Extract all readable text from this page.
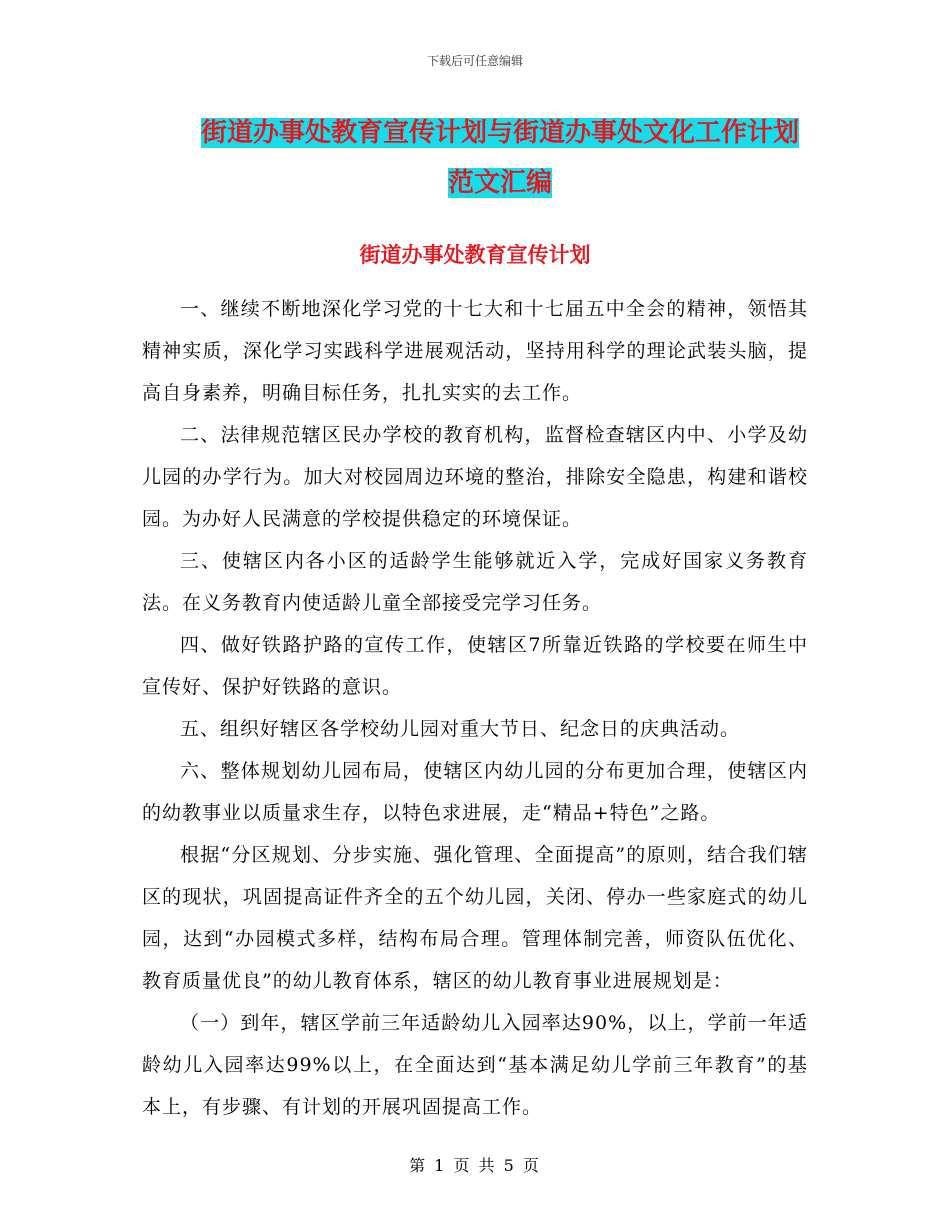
下载后可任意编辑
街道办事处教育宣传计划与街道办事处文化工作计划
范文汇编
街道办事处教育宣传计划

一、继续不断地深化学习党的十七大和十七届五中全会的精神，领悟其精神实质，深化学习实践科学进展观活动，坚持用科学的理论武装头脑，提高自身素养，明确目标任务，扎扎实实的去工作。

二、法律规范辖区民办学校的教育机构，监督检查辖区内中、小学及幼儿园的办学行为。加大对校园周边环境的整治，排除安全隐患，构建和谐校园。为办好人民满意的学校提供稳定的环境保证。

三、使辖区内各小区的适龄学生能够就近入学，完成好国家义务教育法。在义务教育内使适龄儿童全部接受完学习任务。

四、做好铁路护路的宣传工作，使辖区7所靠近铁路的学校要在师生中宣传好、保护好铁路的意识。

五、组织好辖区各学校幼儿园对重大节日、纪念日的庆典活动。

六、整体规划幼儿园布局，使辖区内幼儿园的分布更加合理，使辖区内的幼教事业以质量求生存，以特色求进展，走“精品+特色”之路。

根据“分区规划、分步实施、强化管理、全面提高”的原则，结合我们辖区的现状，巩固提高证件齐全的五个幼儿园，关闭、停办一些家庭式的幼儿园，达到“办园模式多样，结构布局合理。管理体制完善，师资队伍优化、教育质量优良”的幼儿教育体系，辖区的幼儿教育事业进展规划是：

（一）到年，辖区学前三年适龄幼儿入园率达90%，以上，学前一年适龄幼儿入园率达99%以上，在全面达到“基本满足幼儿学前三年教育”的基本上，有步骤、有计划的开展巩固提高工作。

第 1 页 共 5 页
